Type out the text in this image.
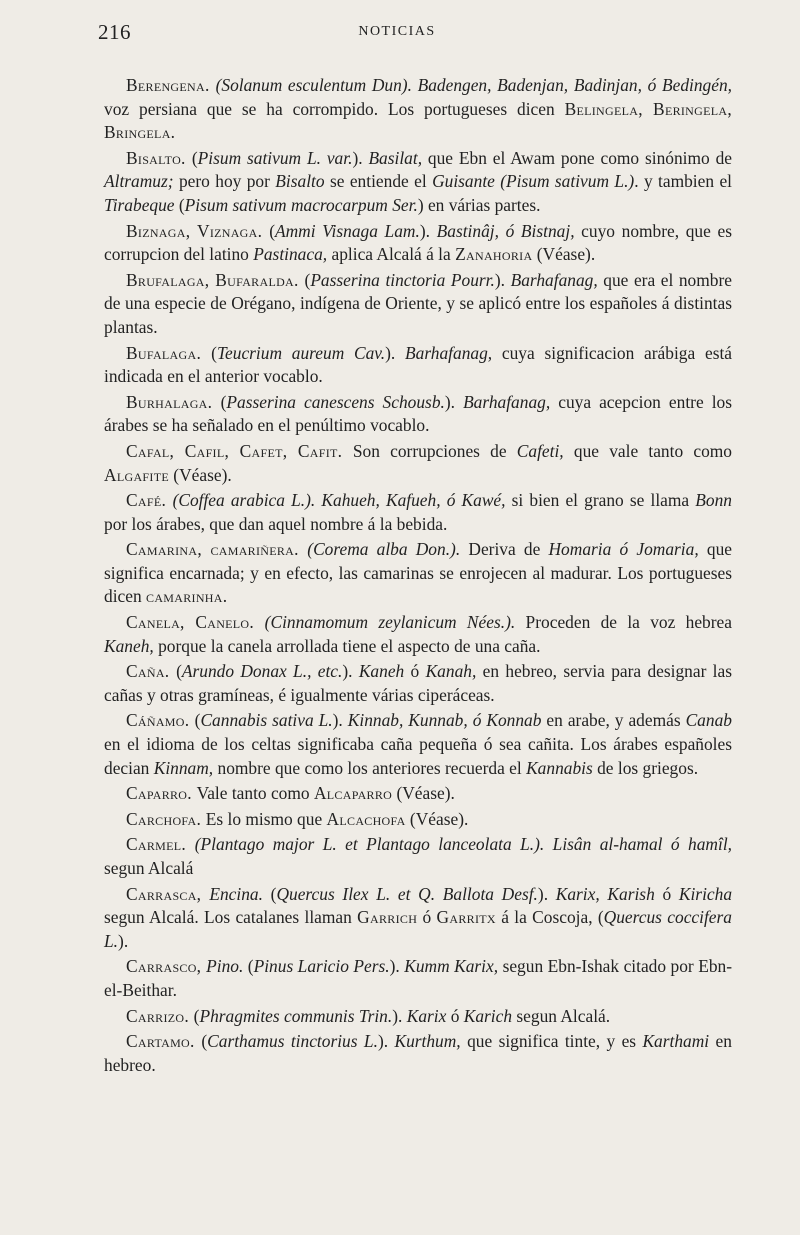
216	NOTICIAS

Berengena. (Solanum esculentum Dun). Badengen, Badenjan, Badinjan, ó Bedingén, voz persiana que se ha corrompido. Los portugueses dicen Belingela, Beringela, Bringela.

Bisalto. (Pisum sativum L. var.). Basilat, que Ebn el Awam pone como sinónimo de Altramuz; pero hoy por Bisalto se entiende el Guisante (Pisum sativum L.). y tambien el Tirabeque (Pisum sativum macrocarpum Ser.) en várias partes.

Biznaga, Viznaga. (Ammi Visnaga Lam.). Bastinâj, ó Bistnaj, cuyo nombre, que es corrupcion del latino Pastinaca, aplica Alcalá á la Zanahoria (Véase).

Brufalaga, Bufaralda. (Passerina tinctoria Pourr.). Barhafanag, que era el nombre de una especie de Orégano, indígena de Oriente, y se aplicó entre los españoles á distintas plantas.

Bufalaga. (Teucrium aureum Cav.). Barhafanag, cuya significacion arábiga está indicada en el anterior vocablo.

Burhalaga. (Passerina canescens Schousb.). Barhafanag, cuya acepcion entre los árabes se ha señalado en el penúltimo vocablo.

Cafal, Cafil, Cafet, Cafit. Son corrupciones de Cafeti, que vale tanto como Algafite (Véase).

Café. (Coffea arabica L.). Kahueh, Kafueh, ó Kawé, si bien el grano se llama Bonn por los árabes, que dan aquel nombre á la bebida.

Camarina, camariñera. (Corema alba Don.). Deriva de Homaria ó Jomaria, que significa encarnada; y en efecto, las camarinas se enrojecen al madurar. Los portugueses dicen camarinha.

Canela, Canelo. (Cinnamomum zeylanicum Nées.). Proceden de la voz hebrea Kaneh, porque la canela arrollada tiene el aspecto de una caña.

Caña. (Arundo Donax L., etc.). Kaneh ó Kanah, en hebreo, servia para designar las cañas y otras gramíneas, é igualmente várias ciperáceas.

Cáñamo. (Cannabis sativa L.). Kinnab, Kunnab, ó Konnab en arabe, y además Canab en el idioma de los celtas significaba caña pequeña ó sea cañita. Los árabes españoles decian Kinnam, nombre que como los anteriores recuerda el Kannabis de los griegos.

Caparro. Vale tanto como Alcaparro (Véase).

Carchofa. Es lo mismo que Alcachofa (Véase).

Carmel. (Plantago major L. et Plantago lanceolata L.). Lisân al-hamal ó hamîl, segun Alcalá

Carrasca, Encina. (Quercus Ilex L. et Q. Ballota Desf.). Karix, Karish ó Kiricha segun Alcalá. Los catalanes llaman Garrich ó Garritx á la Coscoja, (Quercus coccifera L.).

Carrasco, Pino. (Pinus Laricio Pers.). Kumm Karix, segun Ebn-Ishak citado por Ebn-el-Beithar.

Carrizo. (Phragmites communis Trin.). Karix ó Karich segun Alcalá.

Cartamo. (Carthamus tinctorius L.). Kurthum, que significa tinte, y es Karthami en hebreo.
